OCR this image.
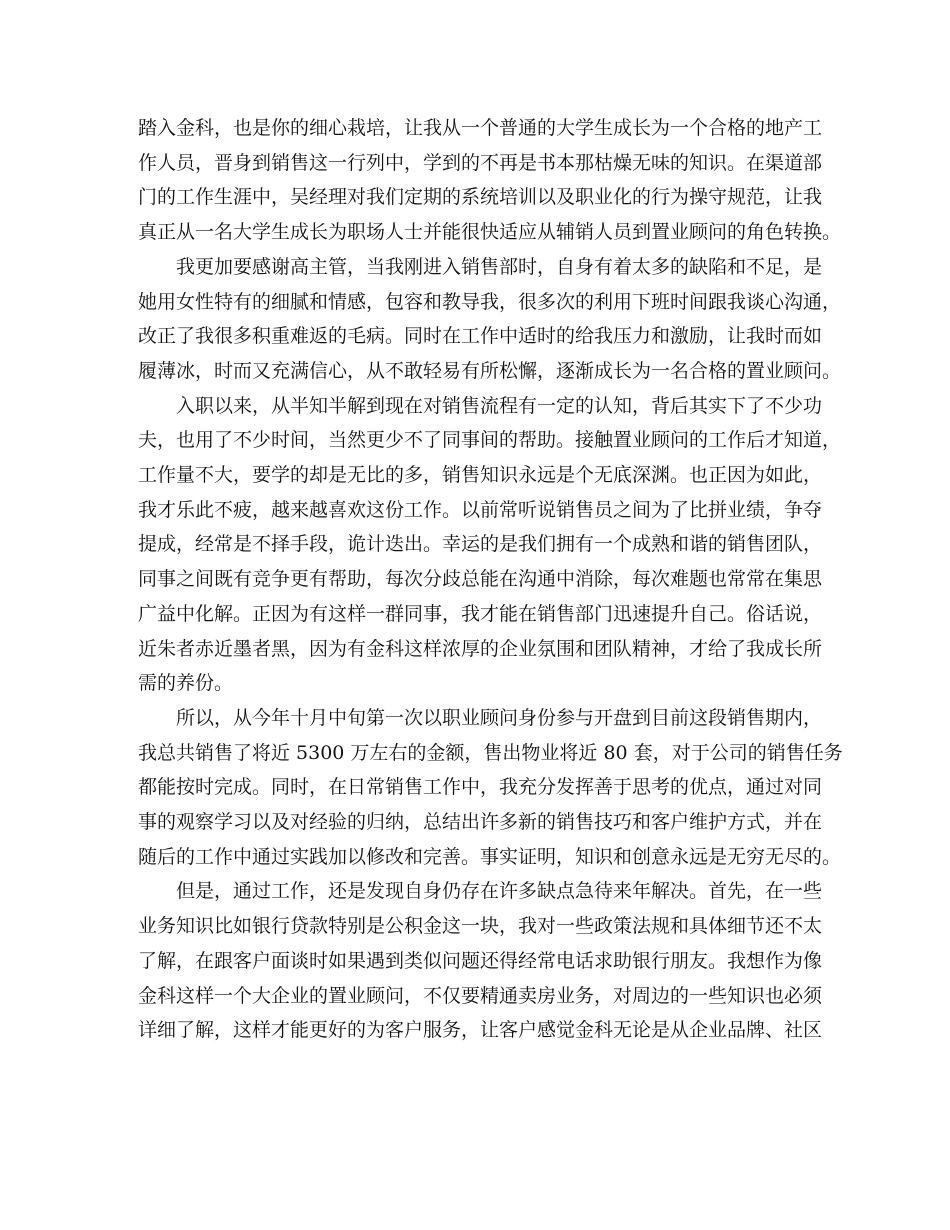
踏入金科，也是你的细心栽培，让我从一个普通的大学生成长为一个合格的地产工
作人员，晋身到销售这一行列中，学到的不再是书本那枯燥无味的知识。在渠道部
门的工作生涯中，吴经理对我们定期的系统培训以及职业化的行为操守规范，让我
真正从一名大学生成长为职场人士并能很快适应从辅销人员到置业顾问的角色转换。

　　我更加要感谢高主管，当我刚进入销售部时，自身有着太多的缺陷和不足，是
她用女性特有的细腻和情感，包容和教导我，很多次的利用下班时间跟我谈心沟通，
改正了我很多积重难返的毛病。同时在工作中适时的给我压力和激励，让我时而如
履薄冰，时而又充满信心，从不敢轻易有所松懈，逐渐成长为一名合格的置业顾问。

　　入职以来，从半知半解到现在对销售流程有一定的认知，背后其实下了不少功
夫，也用了不少时间，当然更少不了同事间的帮助。接触置业顾问的工作后才知道，
工作量不大，要学的却是无比的多，销售知识永远是个无底深渊。也正因为如此，
我才乐此不疲，越来越喜欢这份工作。以前常听说销售员之间为了比拼业绩，争夺
提成，经常是不择手段，诡计迭出。幸运的是我们拥有一个成熟和谐的销售团队，
同事之间既有竞争更有帮助，每次分歧总能在沟通中消除，每次难题也常常在集思
广益中化解。正因为有这样一群同事，我才能在销售部门迅速提升自己。俗话说，
近朱者赤近墨者黑，因为有金科这样浓厚的企业氛围和团队精神，才给了我成长所
需的养份。

　　所以，从今年十月中旬第一次以职业顾问身份参与开盘到目前这段销售期内，
我总共销售了将近 5300 万左右的金额，售出物业将近 80 套，对于公司的销售任务
都能按时完成。同时，在日常销售工作中，我充分发挥善于思考的优点，通过对同
事的观察学习以及对经验的归纳，总结出许多新的销售技巧和客户维护方式，并在
随后的工作中通过实践加以修改和完善。事实证明，知识和创意永远是无穷无尽的。

　　但是，通过工作，还是发现自身仍存在许多缺点急待来年解决。首先，在一些
业务知识比如银行贷款特别是公积金这一块，我对一些政策法规和具体细节还不太
了解，在跟客户面谈时如果遇到类似问题还得经常电话求助银行朋友。我想作为像
金科这样一个大企业的置业顾问，不仅要精通卖房业务，对周边的一些知识也必须
详细了解，这样才能更好的为客户服务，让客户感觉金科无论是从企业品牌、社区
